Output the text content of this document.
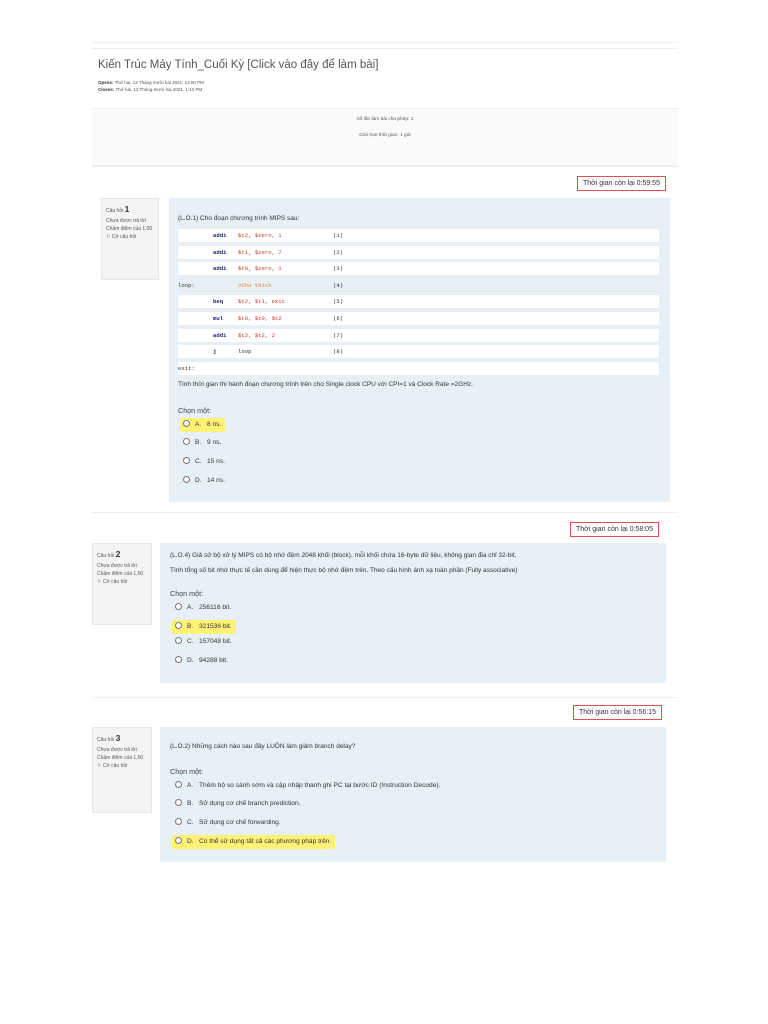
Kiến Trúc Máy Tính_Cuối Kỳ [Click vào đây để làm bài]
Opens: Thứ hai, 13 Tháng mười hai 2021, 12:00 PM
Closes: Thứ hai, 13 Tháng mười hai 2021, 1:10 PM
Số lần làm bài cho phép: 1
Giới hạn thời gian: 1 giờ
Thời gian còn lại 0:59:55
Câu hỏi 1
Chưa được trả lời
Chấm điểm của 1,00
⚐ Cờ câu hỏi
(L.O.1) Cho đoạn chương trình MIPS sau:
addi $t2, $zero, 1	(1)
addi $t1, $zero, 7	(2)
addi $t0, $zero, 1	(3)
loop:	#Chu thich	(4)
beq	$t2, $t1, exit	(5)
mul	$t0, $t0, $t2	(6)
addi $t2, $t2, 2	(7)
j	loop	(8)
exit:
Tính thời gian thi hành đoạn chương trình trên cho Single clock CPU với CPI=1 và Clock Rate =2GHz.
Chọn một:
A. 8 ns.
B. 9 ns.
C. 15 ns.
D. 14 ns.
Thời gian còn lại 0:58:05
Câu hỏi 2
Chưa được trả lời
Chấm điểm của 1,00
⚐ Cờ câu hỏi
(L.O.4) Giả sử bộ xử lý MIPS có bộ nhớ đệm 2048 khối (block), mỗi khối chứa 16-byte dữ liệu, không gian địa chỉ 32-bit.
Tính tổng số bit nhớ thực tế cần dùng để hiện thực bộ nhớ đệm trên. Theo cấu hình ánh xạ toàn phần (Fully associative)
Chọn một:
A. 256116 bit.
B. 321536 bit.
C. 157048 bit.
D. 94288 bit.
Thời gian còn lại 0:56:15
Câu hỏi 3
Chưa được trả lời
Chấm điểm của 1,00
⚐ Cờ câu hỏi
(L.O.2) Những cách nào sau đây LUÔN làm giảm branch delay?
Chọn một:
A. Thêm bộ so sánh sớm và cập nhập thanh ghi PC tại bước ID (Instruction Decode).
B. Sử dụng cơ chế branch prediction.
C. Sử dụng cơ chế forwarding.
D. Có thể sử dụng tất cả các phương pháp trên.
